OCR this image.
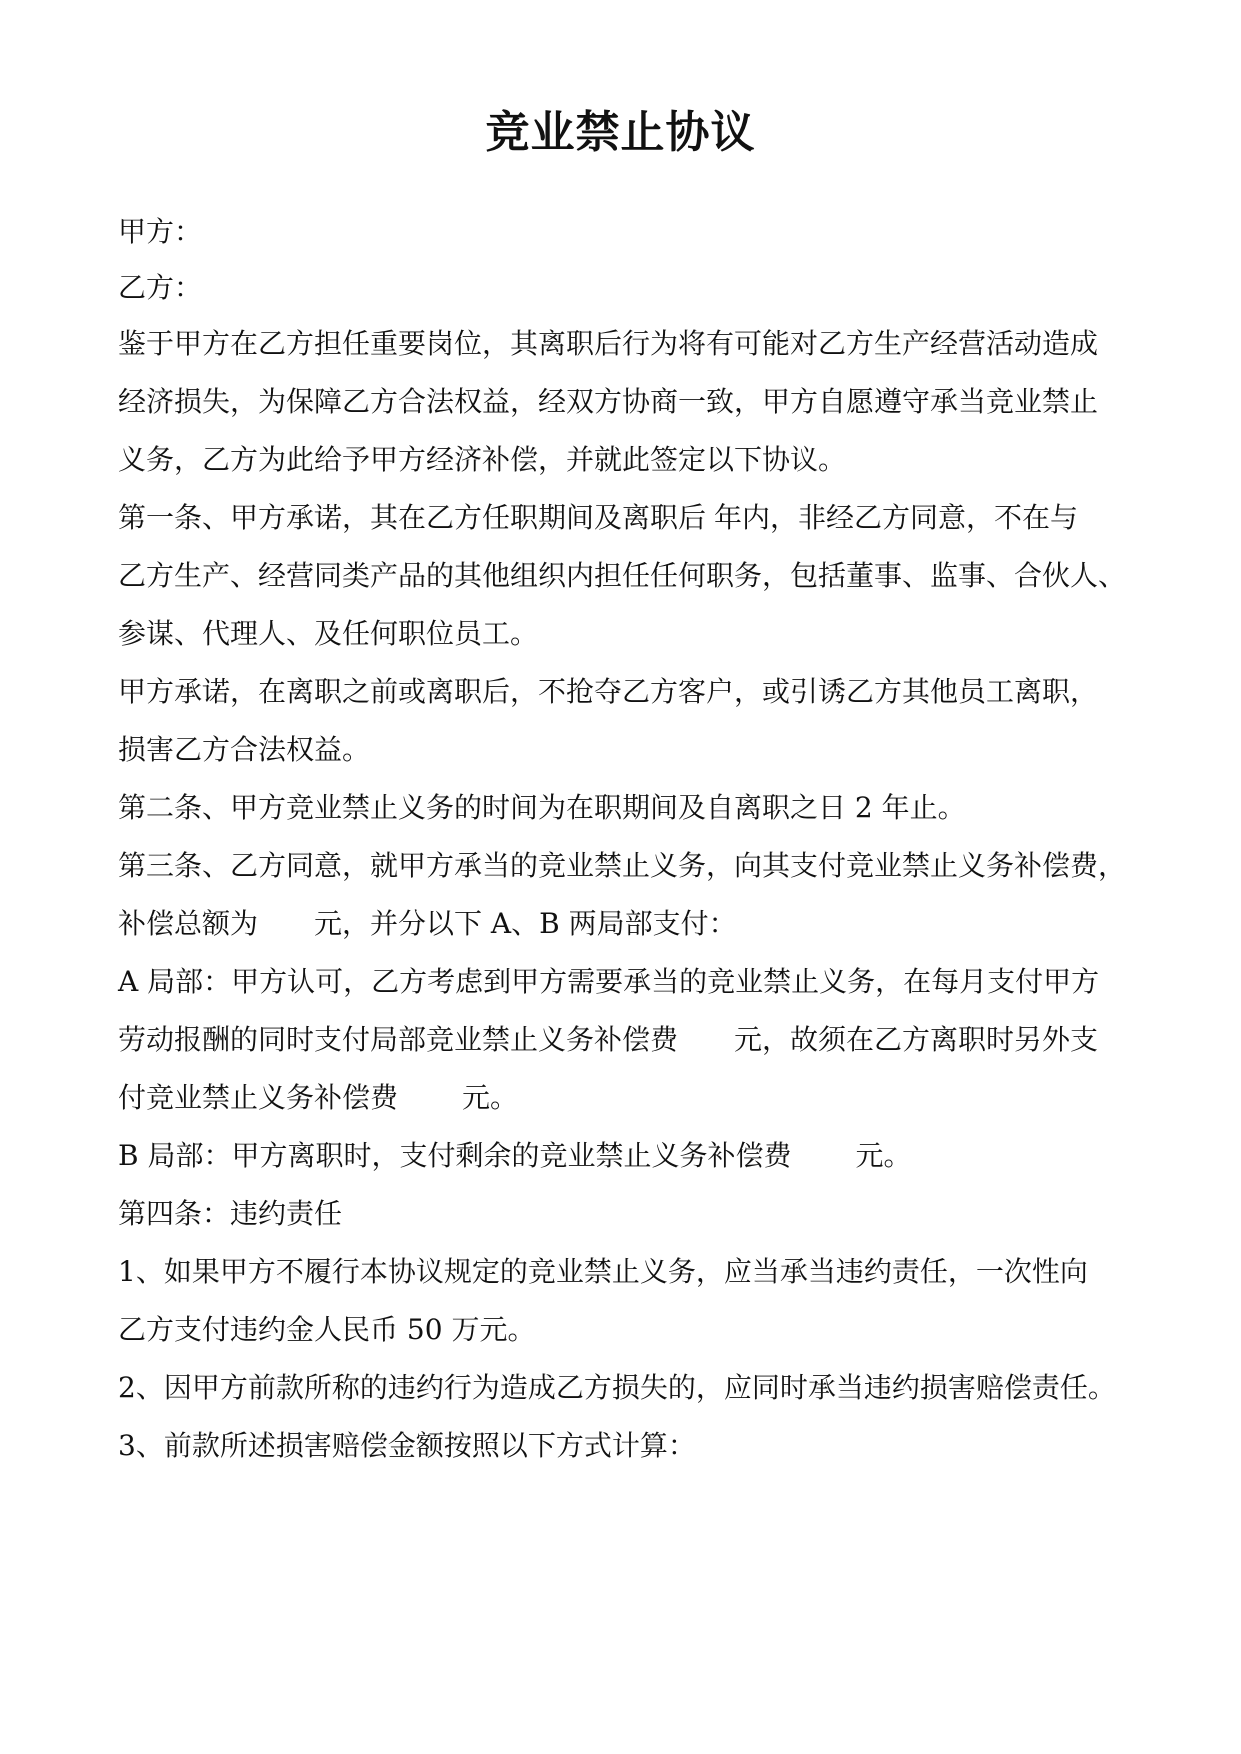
竞业禁止协议
甲方：
乙方：
鉴于甲方在乙方担任重要岗位，其离职后行为将有可能对乙方生产经营活动造成
经济损失，为保障乙方合法权益，经双方协商一致，甲方自愿遵守承当竞业禁止
义务，乙方为此给予甲方经济补偿，并就此签定以下协议。
第一条、甲方承诺，其在乙方任职期间及离职后 年内，非经乙方同意，不在与
乙方生产、经营同类产品的其他组织内担任任何职务，包括董事、监事、合伙人、
参谋、代理人、及任何职位员工。
甲方承诺，在离职之前或离职后，不抢夺乙方客户，或引诱乙方其他员工离职，
损害乙方合法权益。
第二条、甲方竞业禁止义务的时间为在职期间及自离职之日 2 年止。
第三条、乙方同意，就甲方承当的竞业禁止义务，向其支付竞业禁止义务补偿费，
补偿总额为 元，并分以下 A、B 两局部支付：
A 局部：甲方认可，乙方考虑到甲方需要承当的竞业禁止义务，在每月支付甲方
劳动报酬的同时支付局部竞业禁止义务补偿费 元，故须在乙方离职时另外支
付竞业禁止义务补偿费 元。
B 局部：甲方离职时，支付剩余的竞业禁止义务补偿费 元。
第四条：违约责任
1、如果甲方不履行本协议规定的竞业禁止义务，应当承当违约责任，一次性向
乙方支付违约金人民币 50 万元。
2、因甲方前款所称的违约行为造成乙方损失的，应同时承当违约损害赔偿责任。
3、前款所述损害赔偿金额按照以下方式计算：
